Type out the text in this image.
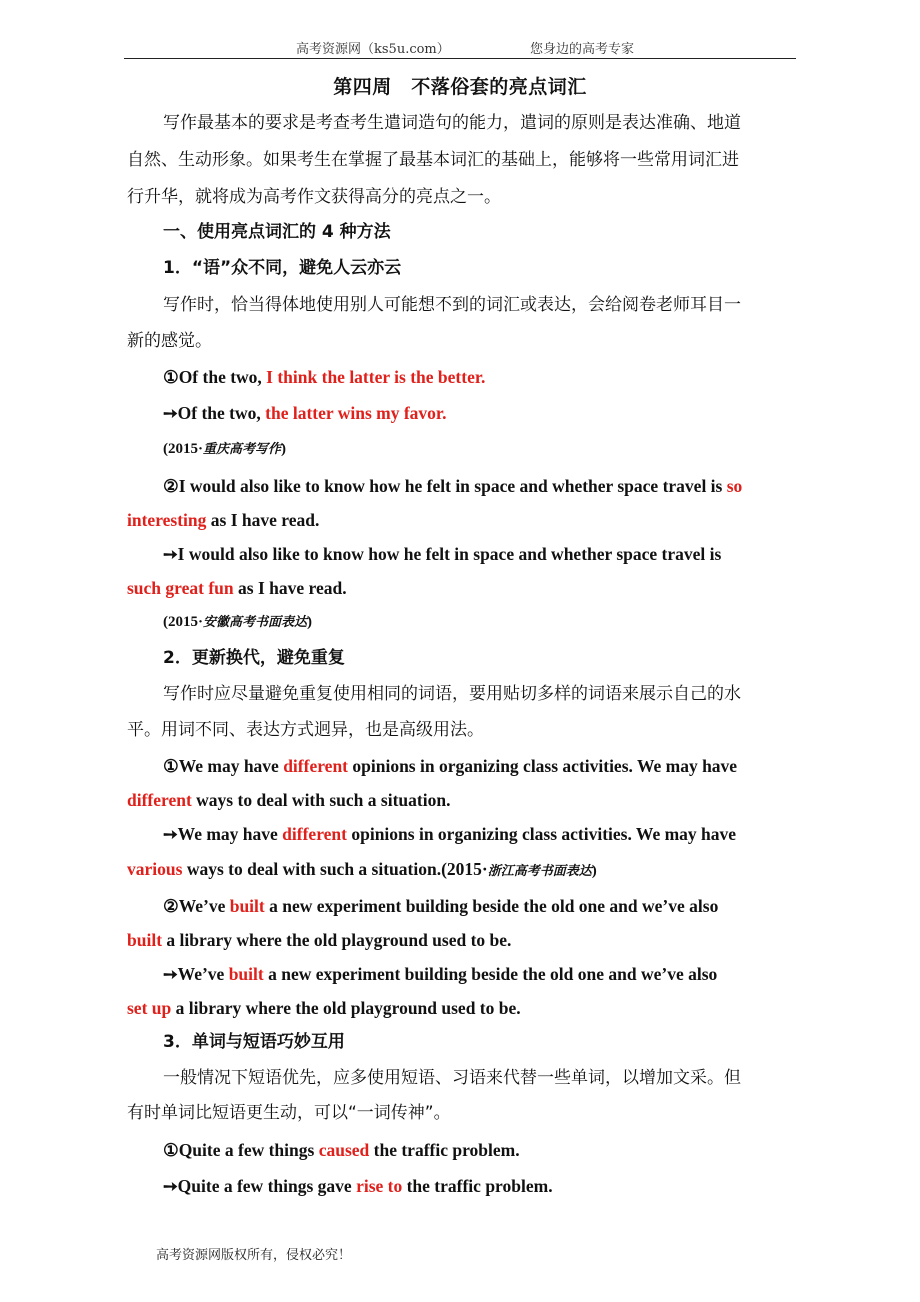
高考资源网（ks5u.com）	您身边的高考专家
第四周　不落俗套的亮点词汇
写作最基本的要求是考查考生遣词造句的能力，遣词的原则是表达准确、地道
自然、生动形象。如果考生在掌握了最基本词汇的基础上，能够将一些常用词汇进
行升华，就将成为高考作文获得高分的亮点之一。
一、使用亮点词汇的 4 种方法
1．“语”众不同，避免人云亦云
写作时，恰当得体地使用别人可能想不到的词汇或表达，会给阅卷老师耳目一
新的感觉。
①Of the two, I think the latter is the better.
➙Of the two, the latter wins my favor.
(2015·重庆高考写作)
②I would also like to know how he felt in space and whether space travel is so
interesting as I have read.
➙I would also like to know how he felt in space and whether space travel is
such great fun as I have read.
(2015·安徽高考书面表达)
2．更新换代，避免重复
写作时应尽量避免重复使用相同的词语，要用贴切多样的词语来展示自己的水
平。用词不同、表达方式迥异，也是高级用法。
①We may have different opinions in organizing class activities. We may have
different ways to deal with such a situation.
➙We may have different opinions in organizing class activities. We may have
various ways to deal with such a situation.(2015·浙江高考书面表达)
②We’ve built a new experiment building beside the old one and we’ve also
built a library where the old playground used to be.
➙We’ve built a new experiment building beside the old one and we’ve also
set up a library where the old playground used to be.
3．单词与短语巧妙互用
一般情况下短语优先，应多使用短语、习语来代替一些单词，以增加文采。但
有时单词比短语更生动，可以“一词传神”。
①Quite a few things caused the traffic problem.
➙Quite a few things gave rise to the traffic problem.
高考资源网版权所有，侵权必究！
